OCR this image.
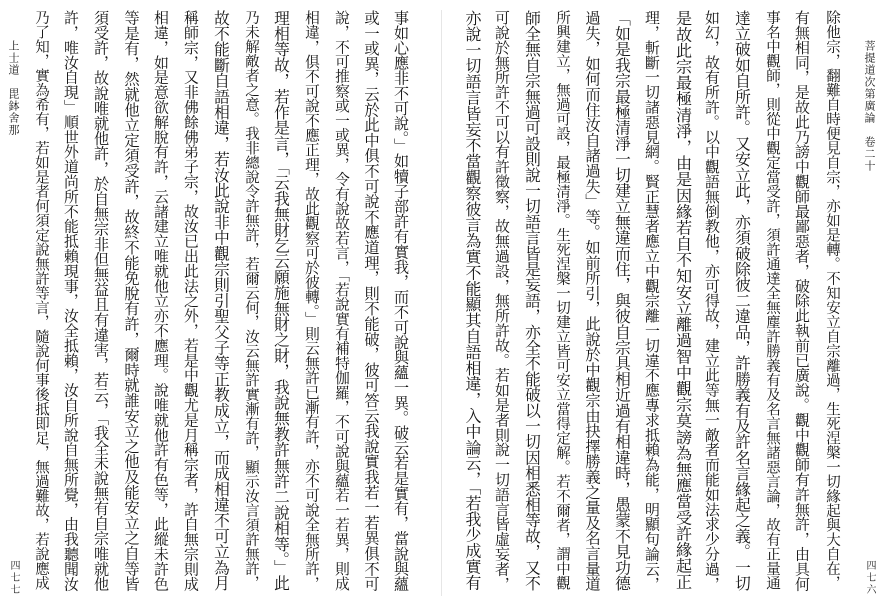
上士道　毘鉢舍那
四七七 乃了知，實為希有，若如是者何須定說無許等言，隨說何事後抵即足，無過難故，若說應成 許，唯汝自現」順世外道尚所不能抵賴現事，汝全抵賴，汝自所說自無所覺，由我聽聞汝 須受許，故說唯就他許，於自無宗非但無益且有違害，若云，「我全未說無有自宗唯就他 等是有，然就他立定須受許，故終不能免脫有許，爾時就誰安立之他及能安立之自等皆 相違，如是意欲解脫有許，云諸建立唯就他立亦不應理。說唯就他許有色等，此縱未許色 稱師宗，又非佛餘佛弟子宗，故汝已出此法之外，若是中觀尤是月稱宗者，許自無宗則成 故不能斷自語相違，若汝此說非中觀宗則引聖父子等正教成立，而成相違不可立為月 乃未解敵者之意。我非總說令許無許，若爾云何，汝云無許實漸有許，顯示汝言須許無許， 理相等故，若作是言，「云我無財乞云願施無財之財，我說無教許無許二說相等。」此 相違，俱不可說不應正理，故此觀察可於彼轉。」則云無許已漸有許，亦不可說全無所許， 說，不可推察或一或異，令有說故若言，「若說實有補特伽羅，不可說與蘊若一若異，則成 或一或異，云於此中俱不可說不應道理，則不能破，彼可答云我說實我若一若異俱不可 事如心應非不可說。」如犢子部許有實我，而不可說與蘊一異。破云若是實有，當說與蘊	亦說一切語言皆妄不當觀察彼言為實不能顯其自語相違，入中論云，「若我少成實有 可說於無所許不可以有許徵察，故無過設，無所許故。若如是者則說一切語言皆虛妄者， 師全無自宗無過可設則說一切語言皆是妄語，亦全不能破以一切因相悉相等故，又不 所興建立，無過可設，最極清淨。生死涅槃一切建立皆可安立當得定解。若不爾者，謂中觀 過失，如何而住汝自諸過失」等。如前所引，此說於中觀宗由抉擇勝義之量及名言量道 「如是我宗最極清淨一切建立無違而住，與彼自宗具相近過有相違時，愚蒙不見功德 理，斬斷一切諸惡見網。賢正慧者應立中觀宗離一切違不應專求抵賴為能，明顯句論云， 是故此宗最極清淨，由是因緣若自不知安立離過智中觀宗莫謗為無應當受許緣起正 如幻，故有所許。以中觀語無倒教他，亦可得故，建立此等無一敵者而能如法求少分過， 達立破如自所許。又安立此，亦須破除彼二違品，許勝義有及許名言緣起之義。一切 事名中觀師，則從中觀定當受許，須許通達全無塵許勝義有及名言無諸惡言論，故有正量通 有無相同，是故此乃謗中觀師最鄙惡者，破除此執前已廣說。觀中觀師有許無許，由具何 除他宗，翻難自時便見自宗，亦如是轉。不知安立自宗離過，生死涅槃一切緣起與大自在， 菩提道次第廣論　卷二十
四七六
